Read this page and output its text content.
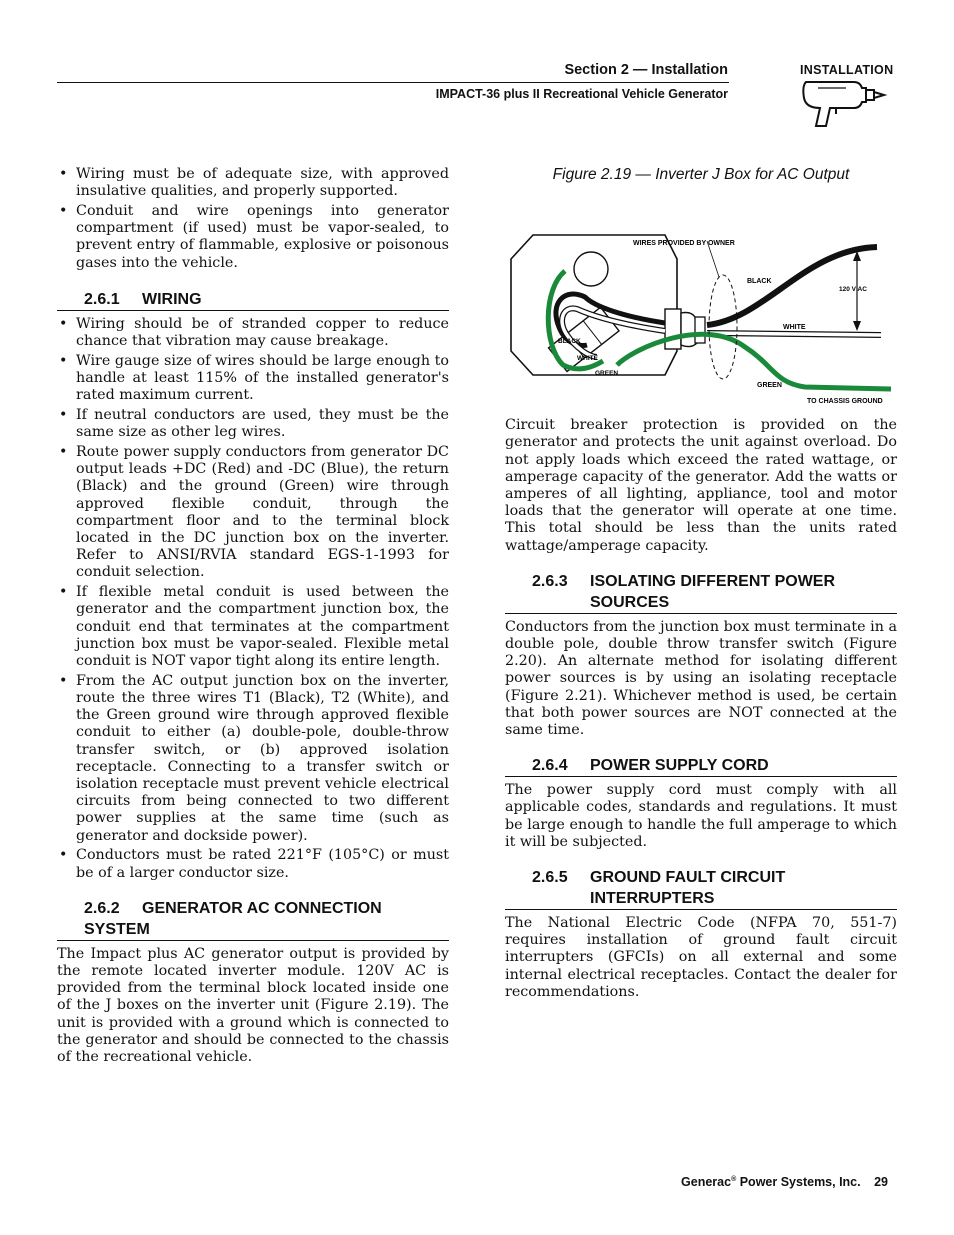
Section 2 — Installation
IMPACT-36 plus II Recreational Vehicle Generator
INSTALLATION
• Wiring must be of adequate size, with approved insulative qualities, and properly supported.
• Conduit and wire openings into generator compartment (if used) must be vapor-sealed, to prevent entry of flammable, explosive or poisonous gases into the vehicle.
2.6.1 WIRING
• Wiring should be of stranded copper to reduce chance that vibration may cause breakage.
• Wire gauge size of wires should be large enough to handle at least 115% of the installed generator's rated maximum current.
• If neutral conductors are used, they must be the same size as other leg wires.
• Route power supply conductors from generator DC output leads +DC (Red) and -DC (Blue), the return (Black) and the ground (Green) wire through approved flexible conduit, through the compartment floor and to the terminal block located in the DC junction box on the inverter. Refer to ANSI/RVIA standard EGS-1-1993 for conduit selection.
• If flexible metal conduit is used between the generator and the compartment junction box, the conduit end that terminates at the compartment junction box must be vapor-sealed. Flexible metal conduit is NOT vapor tight along its entire length.
• From the AC output junction box on the inverter, route the three wires T1 (Black), T2 (White), and the Green ground wire through approved flexible conduit to either (a) double-pole, double-throw transfer switch, or (b) approved isolation receptacle. Connecting to a transfer switch or isolation receptacle must prevent vehicle electrical circuits from being connected to two different power supplies at the same time (such as generator and dockside power).
• Conductors must be rated 221°F (105°C) or must be of a larger conductor size.
2.6.2 GENERATOR AC CONNECTION SYSTEM

The Impact plus AC generator output is provided by the remote located inverter module. 120V AC is provided from the terminal block located inside one of the J boxes on the inverter unit (Figure 2.19). The unit is provided with a ground which is connected to the generator and should be connected to the chassis of the recreational vehicle.

Figure 2.19 — Inverter J Box for AC Output

WIRES PROVIDED BY OWNER
BLACK
120 V AC
WHITE
GREEN
TO CHASSIS GROUND
BLACK
WHITE
GREEN

Circuit breaker protection is provided on the generator and protects the unit against overload. Do not apply loads which exceed the rated wattage, or amperage capacity of the generator. Add the watts or amperes of all lighting, appliance, tool and motor loads that the generator will operate at one time. This total should be less than the units rated wattage/amperage capacity.

2.6.3	ISOLATING DIFFERENT POWER SOURCES

Conductors from the junction box must terminate in a double pole, double throw transfer switch (Figure 2.20). An alternate method for isolating different power sources is by using an isolating receptacle (Figure 2.21). Whichever method is used, be certain that both power sources are NOT connected at the same time.

2.6.4 POWER SUPPLY CORD

The power supply cord must comply with all applicable codes, standards and regulations. It must be large enough to handle the full amperage to which it will be subjected.

2.6.5	GROUND FAULT CIRCUIT INTERRUPTERS

The National Electric Code (NFPA 70, 551-7) requires installation of ground fault circuit interrupters (GFCIs) on all external and some internal electrical receptacles. Contact the dealer for recommendations.

Generac® Power Systems, Inc. 29
